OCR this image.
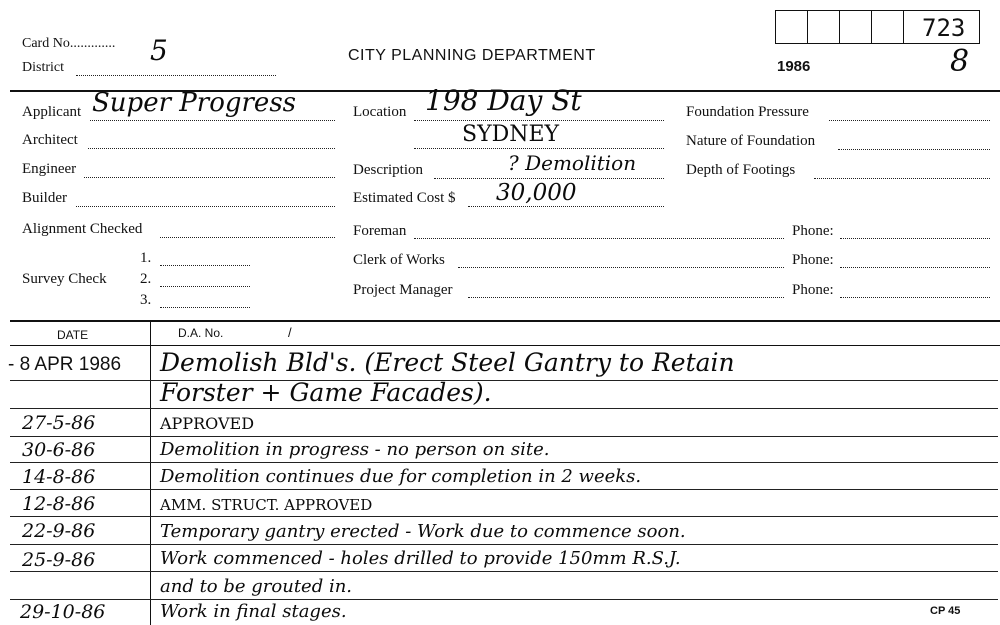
Card No............. 5
District
CITY PLANNING DEPARTMENT
1986
723
8
Applicant Super Progress
Architect
Engineer
Builder
Alignment Checked
Survey Check
1.
2.
3.
Location 198 Day St
SYDNEY
Description	? Demolition
Estimated Cost $ 30,000
Foreman	Phone:
Clerk of Works	Phone:
Project Manager	Phone:
Foundation Pressure
Nature of Foundation
Depth of Footings
DATE	D.A. No.	/
- 8 APR 1986 Demolish Bld's. (Erect Steel Gantry to Retain
Forster + Game Facades).
27-5-86	APPROVED
30-6-86	Demolition in progress - no person on site.
14-8-86	Demolition continues due for completion in 2 weeks.
12-8-86	AMM. STRUCT. APPROVED
22-9-86	Temporary gantry erected - Work due to commence soon.
25-9-86	Work commenced - holes drilled to provide 150mm R.S.J.
and to be grouted in.
29-10-86	Work in final stages.	CP 45
